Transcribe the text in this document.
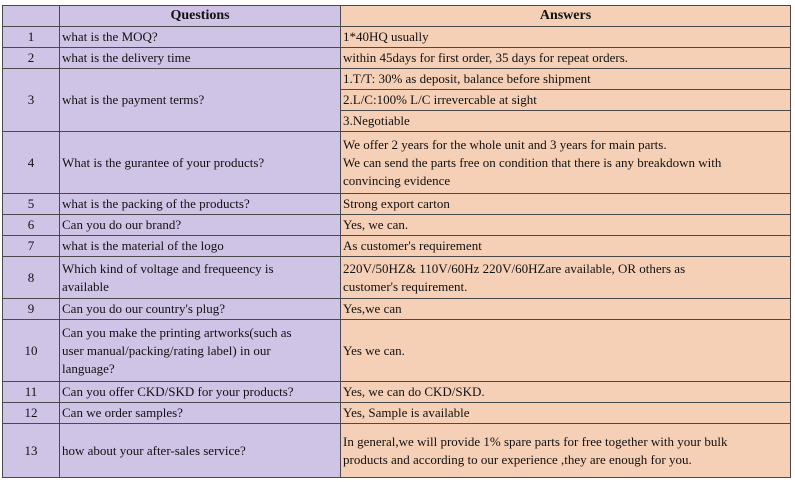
	Questions	Answers
1	what is the MOQ?	1*40HQ usually
2	what is the delivery time	within 45days for first order, 35 days for repeat orders.
3	what is the payment terms?	1.T/T: 30% as deposit, balance before shipment
		2.L/C:100% L/C irrevercable at sight
		3.Negotiable
4	What is the gurantee of your products?	We offer 2 years for the whole unit and 3 years for main parts.
We can send the parts free on condition that there is any breakdown with
convincing evidence

5	what is the packing of the products?	Strong export carton
6	Can you do our brand?	Yes, we can.
7	what is the material of the logo	As customer's requirement
8	Which kind of voltage and frequeency is
available	220V/50HZ& 110V/60Hz 220V/60HZare available, OR others as
customer's requirement.

9	Can you do our country's plug?	Yes,we can
10	Can you make the printing artworks(such as
user manual/packing/rating label) in our
language?	Yes we can.
11	Can you offer CKD/SKD for your products?	Yes, we can do CKD/SKD.
12	Can we order samples?	Yes, Sample is available
13	how about your after-sales service?	In general,we will provide 1% spare parts for free together with your bulk
products and according to our experience ,they are enough for you.
